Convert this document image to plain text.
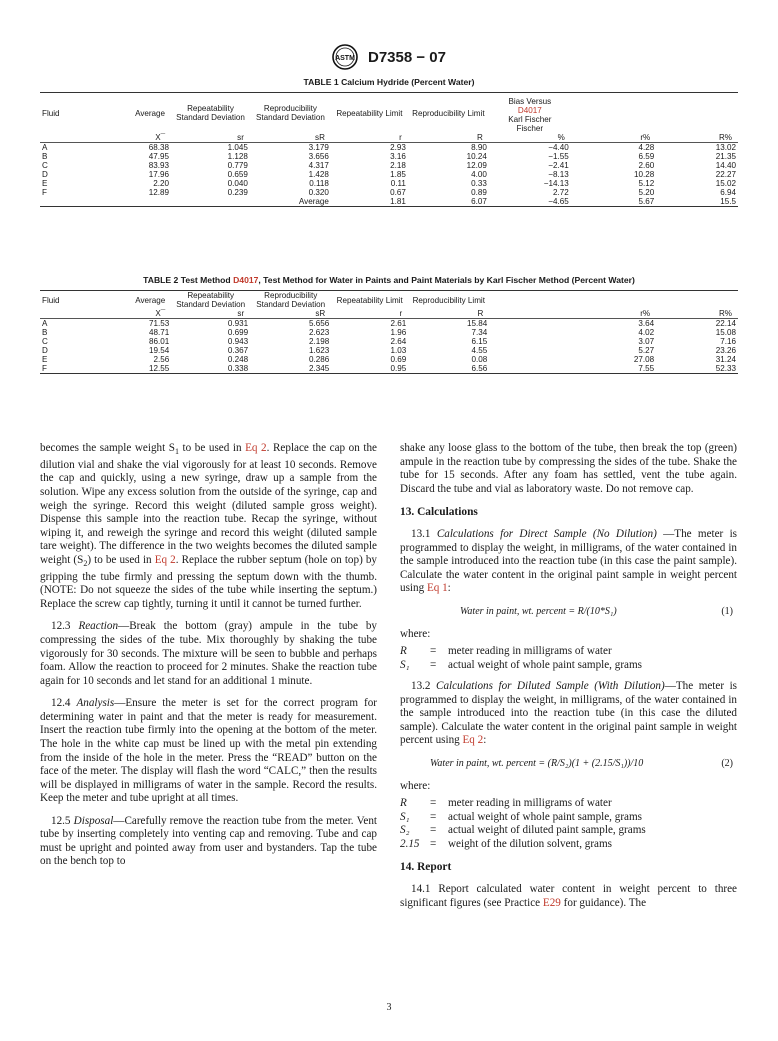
ASTM D7358 − 07
TABLE 1 Calcium Hydride (Percent Water)
Fluid	Average	Repeatability Standard Deviation	Reproducibility Standard Deviation	Repeatability Limit	Reproducibility Limit	Bias Versus
D4017
Karl Fischer
Fischer		

	X¯	sr	sR	r	R	%	r%	R%
A	68.38	1.045	3.179	2.93	8.90	−4.40	4.28	13.02
B	47.95	1.128	3.656	3.16	10.24	−1.55	6.59	21.35
C	83.93	0.779	4.317	2.18	12.09	−2.41	2.60	14.40
D	17.96	0.659	1.428	1.85	4.00	−8.13	10.28	22.27
E	2.20	0.040	0.118	0.11	0.33	−14.13	5.12	15.02
F	12.89	0.239	0.320	0.67	0.89	2.72	5.20	6.94
			Average	1.81	6.07	−4.65	5.67	15.5
TABLE 2 Test Method D4017, Test Method for Water in Paints and Paint Materials by Karl Fischer Method (Percent Water)
Fluid	Average	Repeatability Standard Deviation	Reproducibility Standard Deviation	Repeatability Limit	Reproducibility Limit			
	X¯	sr	sR	r	R		r%	R%
A	71.53	0.931	5.656	2.61	15.84		3.64	22.14
B	48.71	0.699	2.623	1.96	7.34		4.02	15.08
C	86.01	0.943	2.198	2.64	6.15		3.07	7.16
D	19.54	0.367	1.623	1.03	4.55		5.27	23.26
E	2.56	0.248	0.286	0.69	0.08		27.08	31.24
F	12.55	0.338	2.345	0.95	6.56		7.55	52.33

becomes the sample weight $S_1$ to be used in Eq 2. Replace the cap on the dilution vial and shake the vial vigorously for at least 10 seconds. Remove the cap and quickly, using a new syringe, draw up a sample from the solution. Wipe any excess solution from the outside of the syringe, cap and weigh the syringe. Record this weight (diluted sample gross weight). Dispense this sample into the reaction tube. Recap the syringe, without wiping it, and reweigh the syringe and record this weight (diluted sample tare weight). The difference in the two weights becomes the diluted sample weight $(S_2)$ to be used in Eq 2. Replace the rubber septum (hole on top) by gripping the tube firmly and pressing the septum down with the thumb. (NOTE: Do not squeeze the sides of the tube while inserting the septum.) Replace the screw cap tightly, turning it until it cannot be turned further.

12.3 Reaction—Break the bottom (gray) ampule in the tube by compressing the sides of the tube. Mix thoroughly by shaking the tube vigorously for 30 seconds. The mixture will be seen to bubble and perhaps foam. Allow the reaction to proceed for 2 minutes. Shake the reaction tube again for 10 seconds and let stand for an additional 1 minute.

12.4 Analysis—Ensure the meter is set for the correct program for determining water in paint and that the meter is ready for measurement. Insert the reaction tube firmly into the opening at the bottom of the meter. The hole in the white cap must be lined up with the metal pin extending from the inside of the hole in the meter. Press the “READ” button on the face of the meter. The display will flash the word “CALC,” then the results will be displayed in milligrams of water in the sample. Record the results. Keep the meter and tube upright at all times.

12.5 Disposal—Carefully remove the reaction tube from the meter. Vent tube by inserting completely into venting cap and removing. Tube and cap must be upright and pointed away from user and bystanders. Tap the tube on the bench top to

shake any loose glass to the bottom of the tube, then break the top (green) ampule in the reaction tube by compressing the sides of the tube. Shake the tube for 15 seconds. After any foam has settled, vent the tube again. Discard the tube and vial as laboratory waste. Do not remove cap.

13. Calculations

13.1 Calculations for Direct Sample (No Dilution) —The meter is programmed to display the weight, in milligrams, of the water contained in the sample introduced into the reaction tube (in this case the paint sample). Calculate the water content in the original paint sample in weight percent using Eq 1:

Water in paint, wt. percent = R/(10*S₁)	(1)
where:
R	=	meter reading in milligrams of water
S₁	=	actual weight of whole paint sample, grams

13.2 Calculations for Diluted Sample (With Dilution)—The meter is programmed to display the weight, in milligrams, of the water contained in the sample introduced into the reaction tube (in this case the diluted sample). Calculate the water content in the original paint sample in weight percent using Eq 2:

Water in paint, wt. percent = (R/S₂)(1 + (2.15/S₁))/10	(2)
where:
R	=	meter reading in milligrams of water
S₁	=	actual weight of whole paint sample, grams
S₂	=	actual weight of diluted paint sample, grams
2.15 =	weight of the dilution solvent, grams
14. Report

14.1 Report calculated water content in weight percent to three significant figures (see Practice E29 for guidance). The

3
